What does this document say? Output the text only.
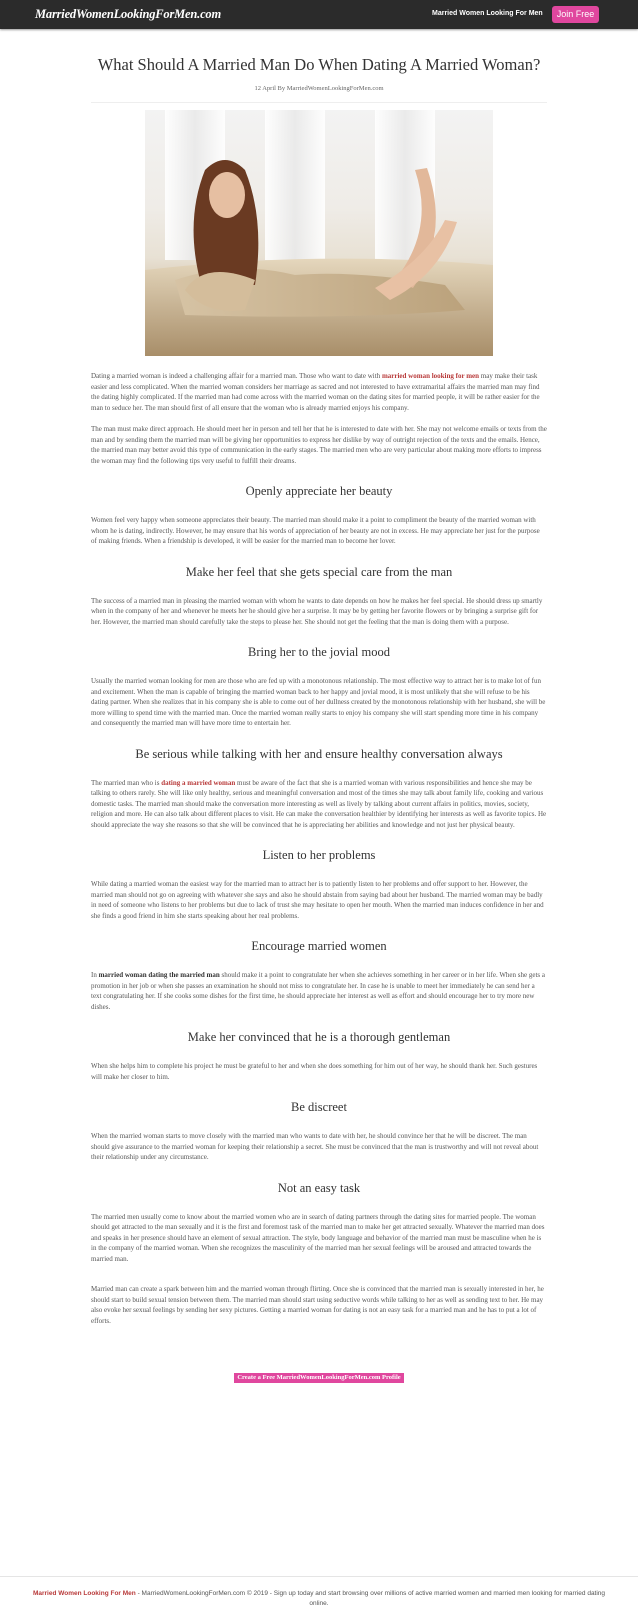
MarriedWomenLookingForMen.com	Married Women Looking For Men	Join Free
What Should A Married Man Do When Dating A Married Woman?
12 April By MarriedWomenLookingForMen.com

Dating a married woman is indeed a challenging affair for a married man. Those who want to date with married woman looking for men may make their task easier and less complicated. When the married woman considers her marriage as sacred and not interested to have extramarital affairs the married man may find the dating highly complicated. If the married man had come across with the married woman on the dating sites for married people, it will be rather easier for the man to seduce her. The man should first of all ensure that the woman who is already married enjoys his company.

The man must make direct approach. He should meet her in person and tell her that he is interested to date with her. She may not welcome emails or texts from the man and by sending them the married man will be giving her opportunities to express her dislike by way of outright rejection of the texts and the emails. Hence, the married man may better avoid this type of communication in the early stages. The married men who are very particular about making more efforts to impress the woman may find the following tips very useful to fulfill their dreams.

Openly appreciate her beauty

Women feel very happy when someone appreciates their beauty. The married man should make it a point to compliment the beauty of the married woman with whom he is dating, indirectly. However, he may ensure that his words of appreciation of her beauty are not in excess. He may appreciate her just for the purpose of making friends. When a friendship is developed, it will be easier for the married man to become her lover.

Make her feel that she gets special care from the man

The success of a married man in pleasing the married woman with whom he wants to date depends on how he makes her feel special. He should dress up smartly when in the company of her and whenever he meets her he should give her a surprise. It may be by getting her favorite flowers or by bringing a surprise gift for her. However, the married man should carefully take the steps to please her. She should not get the feeling that the man is doing them with a purpose.

Bring her to the jovial mood

Usually the married woman looking for men are those who are fed up with a monotonous relationship. The most effective way to attract her is to make lot of fun and excitement. When the man is capable of bringing the married woman back to her happy and jovial mood, it is most unlikely that she will refuse to be his dating partner. When she realizes that in his company she is able to come out of her dullness created by the monotonous relationship with her husband, she will be more willing to spend time with the married man. Once the married woman really starts to enjoy his company she will start spending more time in his company and consequently the married man will have more time to entertain her.

Be serious while talking with her and ensure healthy conversation always

The married man who is dating a married woman must be aware of the fact that she is a married woman with various responsibilities and hence she may be talking to others rarely. She will like only healthy, serious and meaningful conversation and most of the times she may talk about family life, cooking and various domestic tasks. The married man should make the conversation more interesting as well as lively by talking about current affairs in politics, movies, society, religion and more. He can also talk about different places to visit. He can make the conversation healthier by identifying her interests as well as favorite topics. He should appreciate the way she reasons so that she will be convinced that he is appreciating her abilities and knowledge and not just her physical beauty.

Listen to her problems

While dating a married woman the easiest way for the married man to attract her is to patiently listen to her problems and offer support to her. However, the married man should not go on agreeing with whatever she says and also he should abstain from saying bad about her husband. The married woman may be badly in need of someone who listens to her problems but due to lack of trust she may hesitate to open her mouth. When the married man induces confidence in her and she finds a good friend in him she starts speaking about her real problems.

Encourage married women

In married woman dating the married man should make it a point to congratulate her when she achieves something in her career or in her life. When she gets a promotion in her job or when she passes an examination he should not miss to congratulate her. In case he is unable to meet her immediately he can send her a text congratulating her. If she cooks some dishes for the first time, he should appreciate her interest as well as effort and should encourage her to try more new dishes.

Make her convinced that he is a thorough gentleman

When she helps him to complete his project he must be grateful to her and when she does something for him out of her way, he should thank her. Such gestures will make her closer to him.

Be discreet

When the married woman starts to move closely with the married man who wants to date with her, he should convince her that he will be discreet. The man should give assurance to the married woman for keeping their relationship a secret. She must be convinced that the man is trustworthy and will not reveal about their relationship under any circumstance.

Not an easy task

The married men usually come to know about the married women who are in search of dating partners through the dating sites for married people. The woman should get attracted to the man sexually and it is the first and foremost task of the married man to make her get attracted sexually. Whatever the married man does and speaks in her presence should have an element of sexual attraction. The style, body language and behavior of the married man must be masculine when he is in the company of the married woman. When she recognizes the masculinity of the married man her sexual feelings will be aroused and attracted towards the married man.

Married man can create a spark between him and the married woman through flirting. Once she is convinced that the married man is sexually interested in her, he should start to build sexual tension between them. The married man should start using seductive words while talking to her as well as sending text to her. He may also evoke her sexual feelings by sending her sexy pictures. Getting a married woman for dating is not an easy task for a married man and he has to put a lot of efforts.

Create a Free MarriedWomenLookingForMen.com Profile
Married Women Looking For Men - MarriedWomenLookingForMen.com © 2019 - Sign up today and start browsing over millions of active married women and married men looking for married dating online.
